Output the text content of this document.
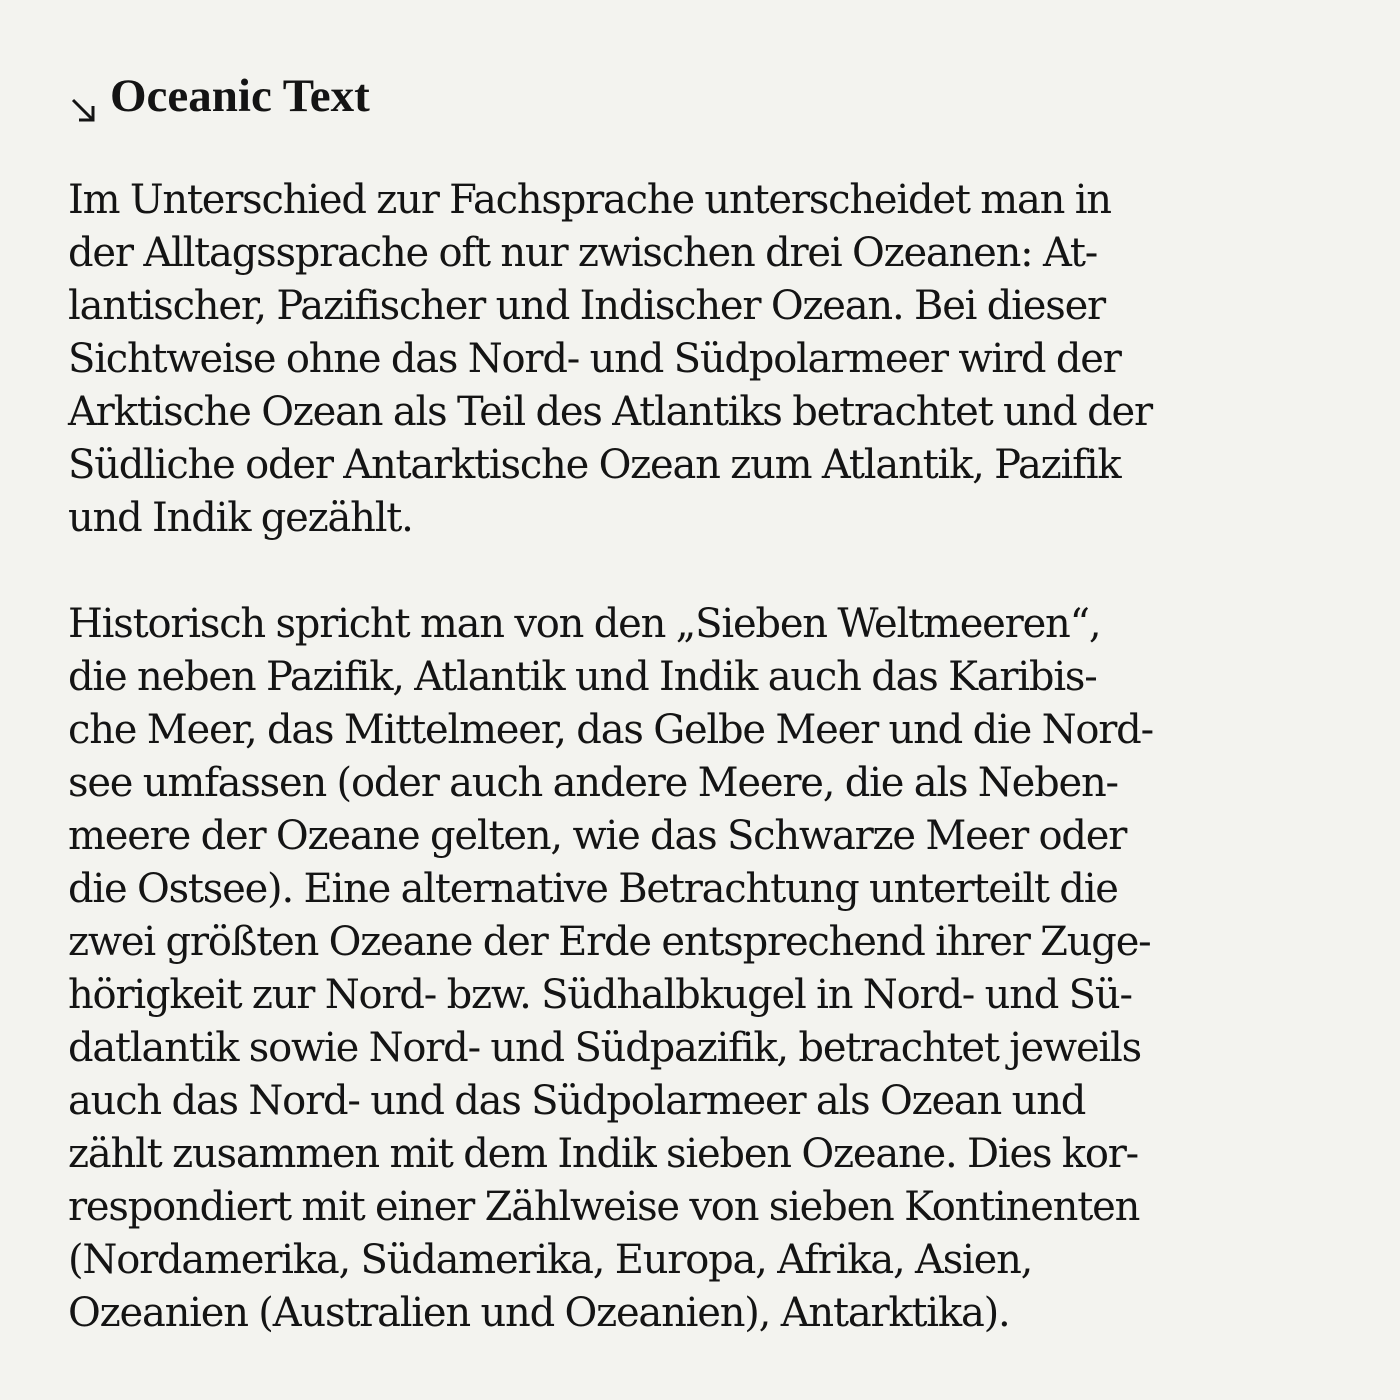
Oceanic Text

Im Unterschied zur Fachsprache unterscheidet man in
der Alltagssprache oft nur zwischen drei Ozeanen: At-
lantischer, Pazifischer und Indischer Ozean. Bei dieser
Sichtweise ohne das Nord- und Südpolarmeer wird der
Arktische Ozean als Teil des Atlantiks betrachtet und der
Südliche oder Antarktische Ozean zum Atlantik, Pazifik
und Indik gezählt.

Historisch spricht man von den „Sieben Weltmeeren“,
die neben Pazifik, Atlantik und Indik auch das Karibis-
che Meer, das Mittelmeer, das Gelbe Meer und die Nord-
see umfassen (oder auch andere Meere, die als Neben-
meere der Ozeane gelten, wie das Schwarze Meer oder
die Ostsee). Eine alternative Betrachtung unterteilt die
zwei größten Ozeane der Erde entsprechend ihrer Zuge-
hörigkeit zur Nord- bzw. Südhalbkugel in Nord- und Sü-
datlantik sowie Nord- und Südpazifik, betrachtet jeweils
auch das Nord- und das Südpolarmeer als Ozean und
zählt zusammen mit dem Indik sieben Ozeane. Dies kor-
respondiert mit einer Zählweise von sieben Kontinenten
(Nordamerika, Südamerika, Europa, Afrika, Asien,
Ozeanien (Australien und Ozeanien), Antarktika).
